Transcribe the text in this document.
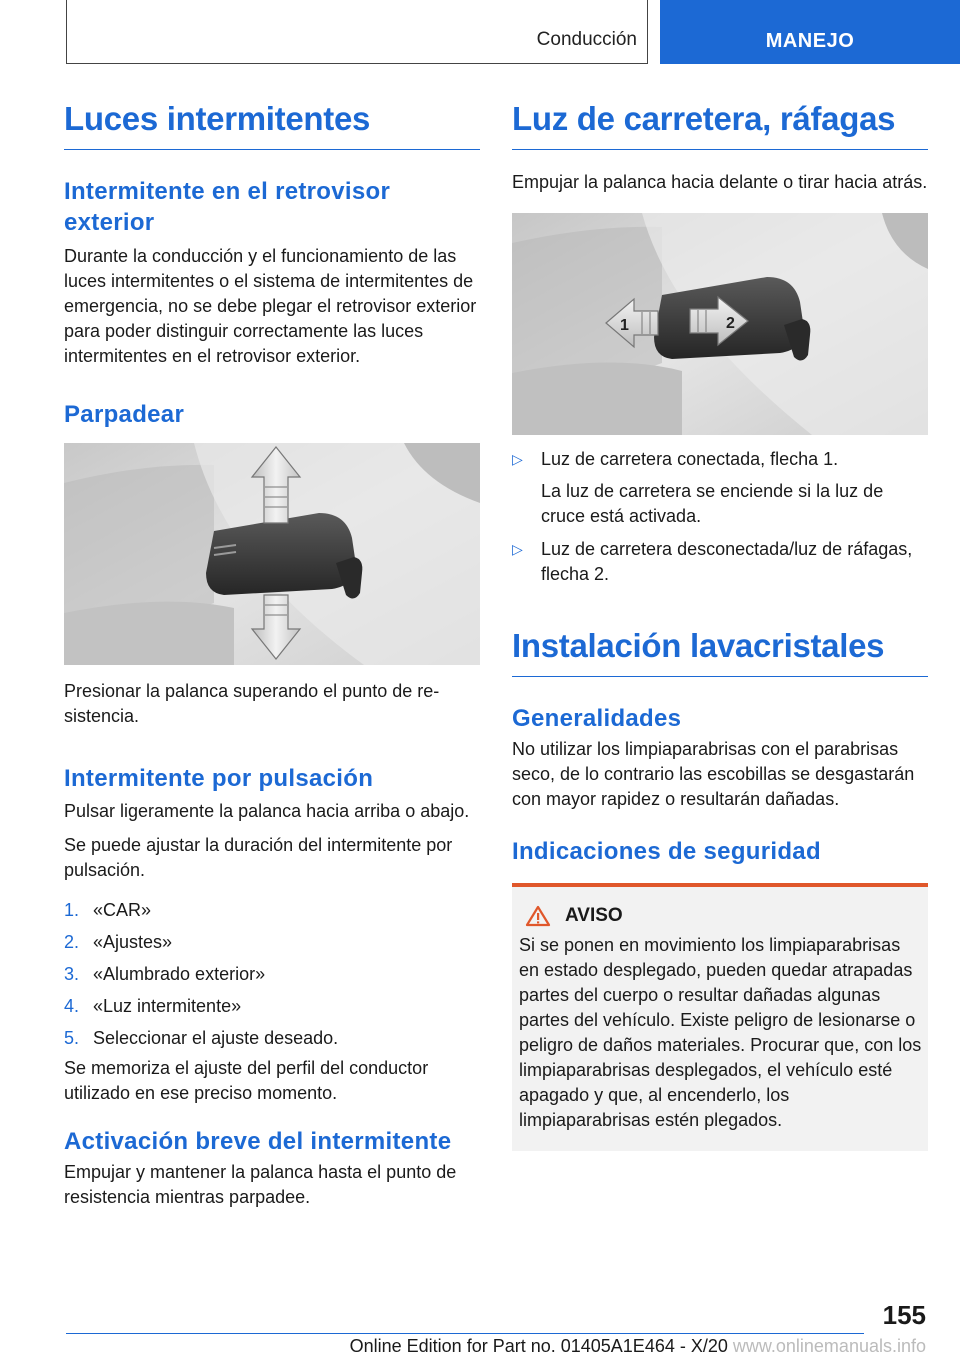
Conducción	MANEJO
Luces intermitentes
Intermitente en el retrovisor exterior

Durante la conducción y el funcionamiento de las luces intermitentes o el sistema de intermitentes de emergencia, no se debe plegar el retrovisor exterior para poder distinguir correctamente las luces intermitentes en el retrovisor exterior.

Parpadear

Presionar la palanca superando el punto de resistencia.

Intermitente por pulsación

Pulsar ligeramente la palanca hacia arriba o abajo.

Se puede ajustar la duración del intermitente por pulsación.

1. «CAR»
2. «Ajustes»
3. «Alumbrado exterior»
4. «Luz intermitente»
5. Seleccionar el ajuste deseado.

Se memoriza el ajuste del perfil del conductor utilizado en ese preciso momento.

Activación breve del intermitente

Empujar y mantener la palanca hasta el punto de resistencia mientras parpadee.

Luz de carretera, ráfagas

Empujar la palanca hacia delante o tirar hacia atrás.

1	2
▷ Luz de carretera conectada, flecha 1.

La luz de carretera se enciende si la luz de cruce está activada.

▷ Luz de carretera desconectada/luz de ráfagas, flecha 2.
Instalación lavacristales
Generalidades

No utilizar los limpiaparabrisas con el parabrisas seco, de lo contrario las escobillas se desgastarán con mayor rapidez o resultarán dañadas.

Indicaciones de seguridad
AVISO

Si se ponen en movimiento los limpiaparabrisas en estado desplegado, pueden quedar atrapadas partes del cuerpo o resultar dañadas algunas partes del vehículo. Existe peligro de lesionarse o peligro de daños materiales. Procurar que, con los limpiaparabrisas desplegados, el vehículo esté apagado y que, al encenderlo, los limpiaparabrisas estén plegados.

155
Online Edition for Part no. 01405A1E464 - X/20 www.onlinemanuals.info
